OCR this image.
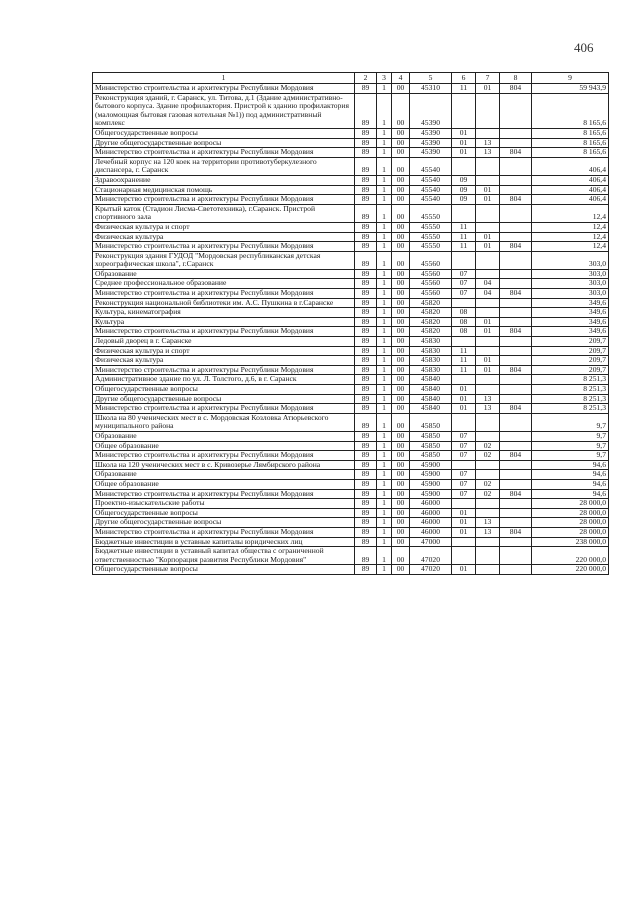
406
1	2	3	4	5	6	7	8	9
Министерство строительства и архитектуры Республики Мордовия	89	1	00	45310	11	01	804	59 943,9
Реконструкция зданий, г. Саранск, ул. Титова, д.1 (Здание административно-бытового корпуса. Здание профилактория. Пристрой к зданию профилактория (маломощная бытовая газовая котельная №1)) под административный комплекс	89	1	00	45390				8 165,6
Общегосударственные вопросы	89	1	00	45390	01			8 165,6
Другие общегосударственные вопросы	89	1	00	45390	01	13		8 165,6
Министерство строительства и архитектуры Республики Мордовия	89	1	00	45390	01	13	804	8 165,6
Лечебный корпус на 120 коек на территории противотуберкулезного диспансера, г. Саранск	89	1	00	45540				406,4
Здравоохранение	89	1	00	45540	09			406,4
Стационарная медицинская помощь	89	1	00	45540	09	01		406,4
Министерство строительства и архитектуры Республики Мордовия	89	1	00	45540	09	01	804	406,4
Крытый каток (Стадион Лисма-Светотехника), г.Саранск. Пристрой спортивного зала	89	1	00	45550				12,4
Физическая культура и спорт	89	1	00	45550	11			12,4
Физическая культура	89	1	00	45550	11	01		12,4
Министерство строительства и архитектуры Республики Мордовия	89	1	00	45550	11	01	804	12,4
Реконструкция здания ГУДОД "Мордовская республиканская детская хореографическая школа", г.Саранск	89	1	00	45560				303,0
Образование	89	1	00	45560	07			303,0
Среднее профессиональное образование	89	1	00	45560	07	04		303,0
Министерство строительства и архитектуры Республики Мордовия	89	1	00	45560	07	04	804	303,0
Реконструкция национальной библиотеки им. А.С. Пушкина в г.Саранске	89	1	00	45820				349,6
Культура, кинематография	89	1	00	45820	08			349,6
Культура	89	1	00	45820	08	01		349,6
Министерство строительства и архитектуры Республики Мордовия	89	1	00	45820	08	01	804	349,6
Ледовый дворец в г. Саранске	89	1	00	45830				209,7
Физическая культура и спорт	89	1	00	45830	11			209,7
Физическая культура	89	1	00	45830	11	01		209,7
Министерство строительства и архитектуры Республики Мордовия	89	1	00	45830	11	01	804	209,7
Административное здание по ул. Л. Толстого, д.6, в г. Саранск	89	1	00	45840				8 251,3
Общегосударственные вопросы	89	1	00	45840	01			8 251,3
Другие общегосударственные вопросы	89	1	00	45840	01	13		8 251,3
Министерство строительства и архитектуры Республики Мордовия	89	1	00	45840	01	13	804	8 251,3
Школа на 80 ученических мест в с. Мордовская Козловка Атюрьевского муниципального района	89	1	00	45850				9,7
Образование	89	1	00	45850	07			9,7
Общее образование	89	1	00	45850	07	02		9,7
Министерство строительства и архитектуры Республики Мордовия	89	1	00	45850	07	02	804	9,7
Школа на 120 ученических мест в с. Кривозерье Лямбирского района	89	1	00	45900				94,6
Образование	89	1	00	45900	07			94,6
Общее образование	89	1	00	45900	07	02		94,6
Министерство строительства и архитектуры Республики Мордовия	89	1	00	45900	07	02	804	94,6
Проектно-изыскательские работы	89	1	00	46000				28 000,0
Общегосударственные вопросы	89	1	00	46000	01			28 000,0
Другие общегосударственные вопросы	89	1	00	46000	01	13		28 000,0
Министерство строительства и архитектуры Республики Мордовия	89	1	00	46000	01	13	804	28 000,0
Бюджетные инвестиции в уставные капиталы юридических лиц	89	1	00	47000				238 000,0
Бюджетные инвестиции в уставный капитал общества с ограниченной ответственностью "Корпорация развития Республики Мордовия"	89	1	00	47020				220 000,0
Общегосударственные вопросы	89	1	00	47020	01			220 000,0
